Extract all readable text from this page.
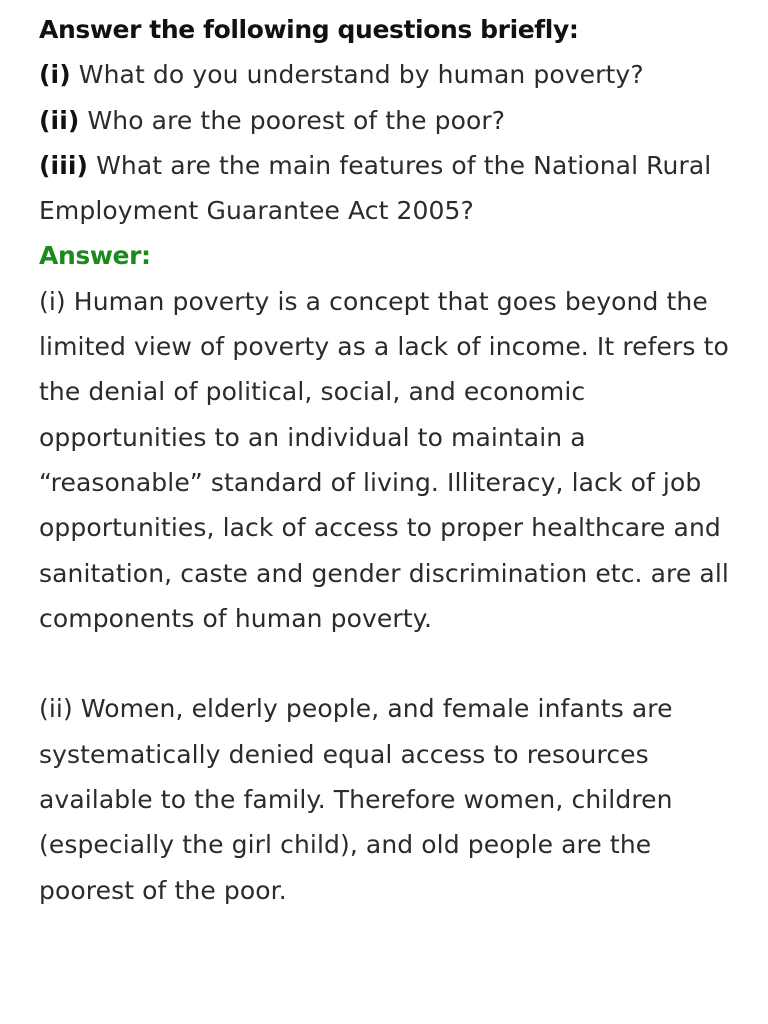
Answer the following questions briefly:
(i) What do you understand by human poverty?
(ii) Who are the poorest of the poor?
(iii) What are the main features of the National Rural Employment Guarantee Act 2005?
Answer:
(i) Human poverty is a concept that goes beyond the limited view of poverty as a lack of income. It refers to the denial of political, social, and economic opportunities to an individual to maintain a “reasonable” standard of living. Illiteracy, lack of job opportunities, lack of access to proper healthcare and sanitation, caste and gender discrimination etc. are all components of human poverty.
(ii) Women, elderly people, and female infants are systematically denied equal access to resources available to the family. Therefore women, children (especially the girl child), and old people are the poorest of the poor.
